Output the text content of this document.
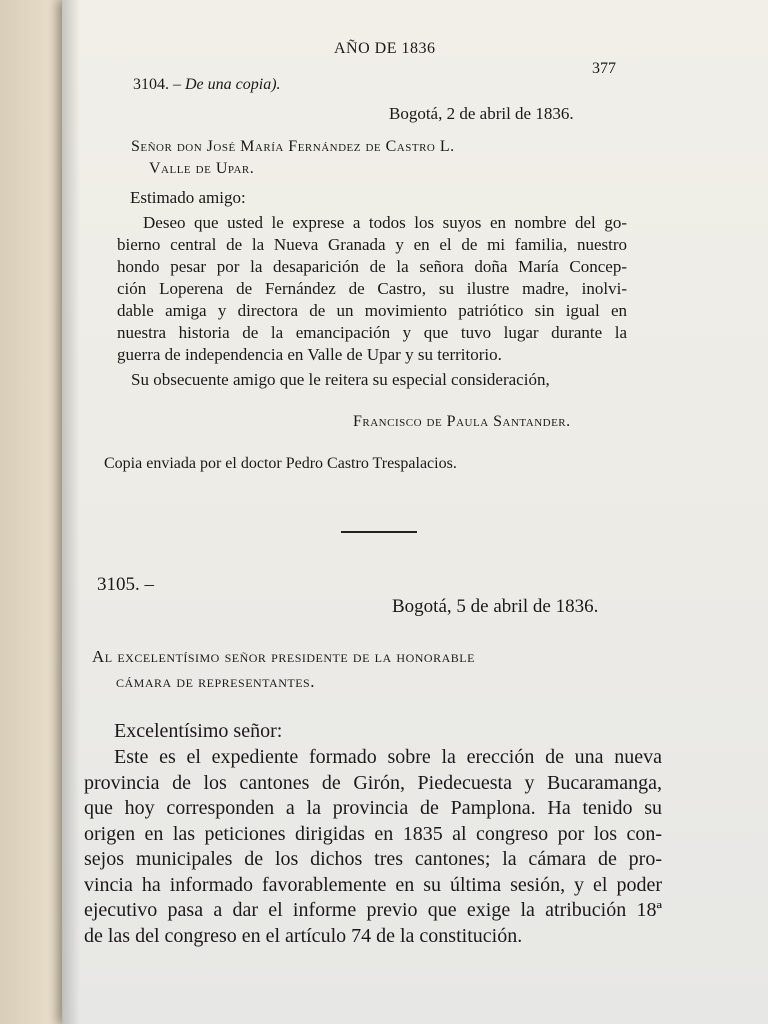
AÑO DE 1836
377
3104. – De una copia).
Bogotá, 2 de abril de 1836.
Señor don José María Fernández de Castro L.
Valle de Upar.
Estimado amigo:
Deseo que usted le exprese a todos los suyos en nombre del go-
bierno central de la Nueva Granada y en el de mi familia, nuestro
hondo pesar por la desaparición de la señora doña María Concep-
ción Loperena de Fernández de Castro, su ilustre madre, inolvi-
dable amiga y directora de un movimiento patriótico sin igual en
nuestra historia de la emancipación y que tuvo lugar durante la
guerra de independencia en Valle de Upar y su territorio.
Su obsecuente amigo que le reitera su especial consideración,
Francisco de Paula Santander.
Copia enviada por el doctor Pedro Castro Trespalacios.
3105. –
Bogotá, 5 de abril de 1836.
Al excelentísimo señor presidente de la honorable
cámara de representantes.
Excelentísimo señor:
Este es el expediente formado sobre la erección de una nueva
provincia de los cantones de Girón, Piedecuesta y Bucaramanga,
que hoy corresponden a la provincia de Pamplona. Ha tenido su
origen en las peticiones dirigidas en 1835 al congreso por los con-
sejos municipales de los dichos tres cantones; la cámara de pro-
vincia ha informado favorablemente en su última sesión, y el poder
ejecutivo pasa a dar el informe previo que exige la atribución 18ª
de las del congreso en el artículo 74 de la constitución.
